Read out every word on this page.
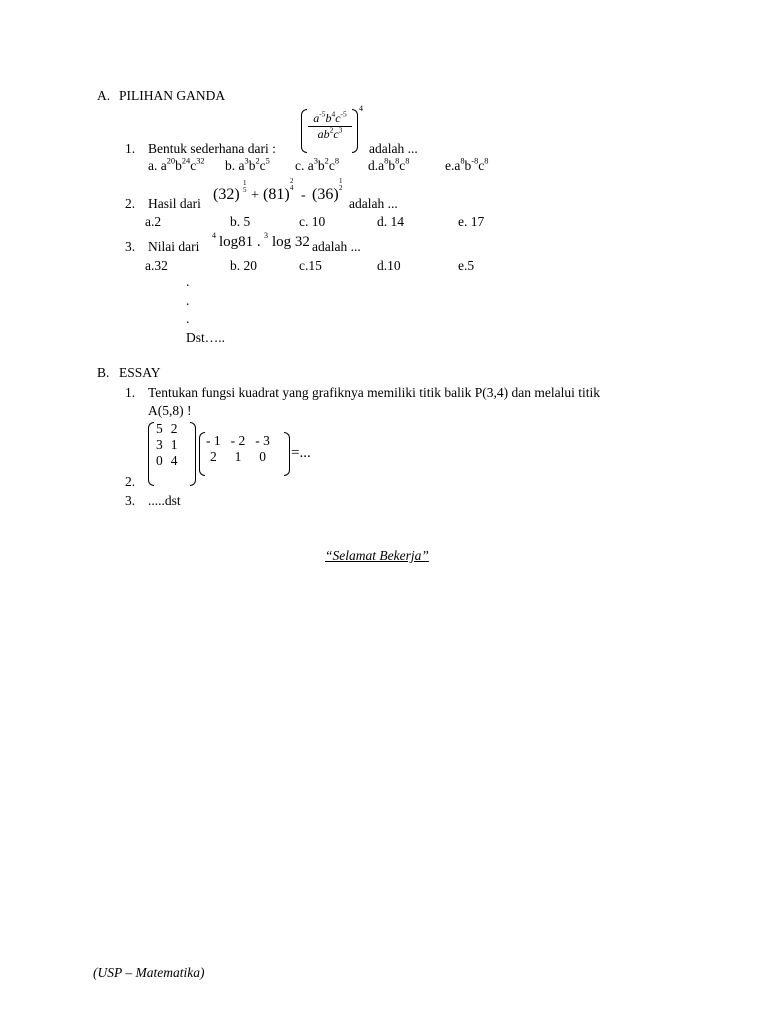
A. PILIHAN GANDA
$a^{-5}b^4c^{-5}$
$ab^2c^3$
4
1. Bentuk sederhana dari :	adalah ...
a. $a^{20}b^{24}c^{32}$ b. $a^3b^2c^5$ c. $a^3b^2c^8$ $d.a^8b^8c^8$	$e.a^8b^{-8}c^8$
2. Hasil dari
(32)
1
5 + (81)
2
4 - (36)
1
2
adalah ...
a.2	b. 5	c. 10	d. 14	e. 17
3. Nilai dari
4 log81 . 3 log 32 adalah ...
a.32	b. 20	c.15	d.10	e.5
.
.
.
Dst…..
B. ESSAY
1. Tentukan fungsi kuadrat yang grafiknya memiliki titik balik P(3,4) dan melalui titik
A(5,8) !
5	2
3	1
0	4
- 1	- 2	- 3
2	1	0 =...
2.
3. .....dst
“Selamat Bekerja”
(USP – Matematika)
